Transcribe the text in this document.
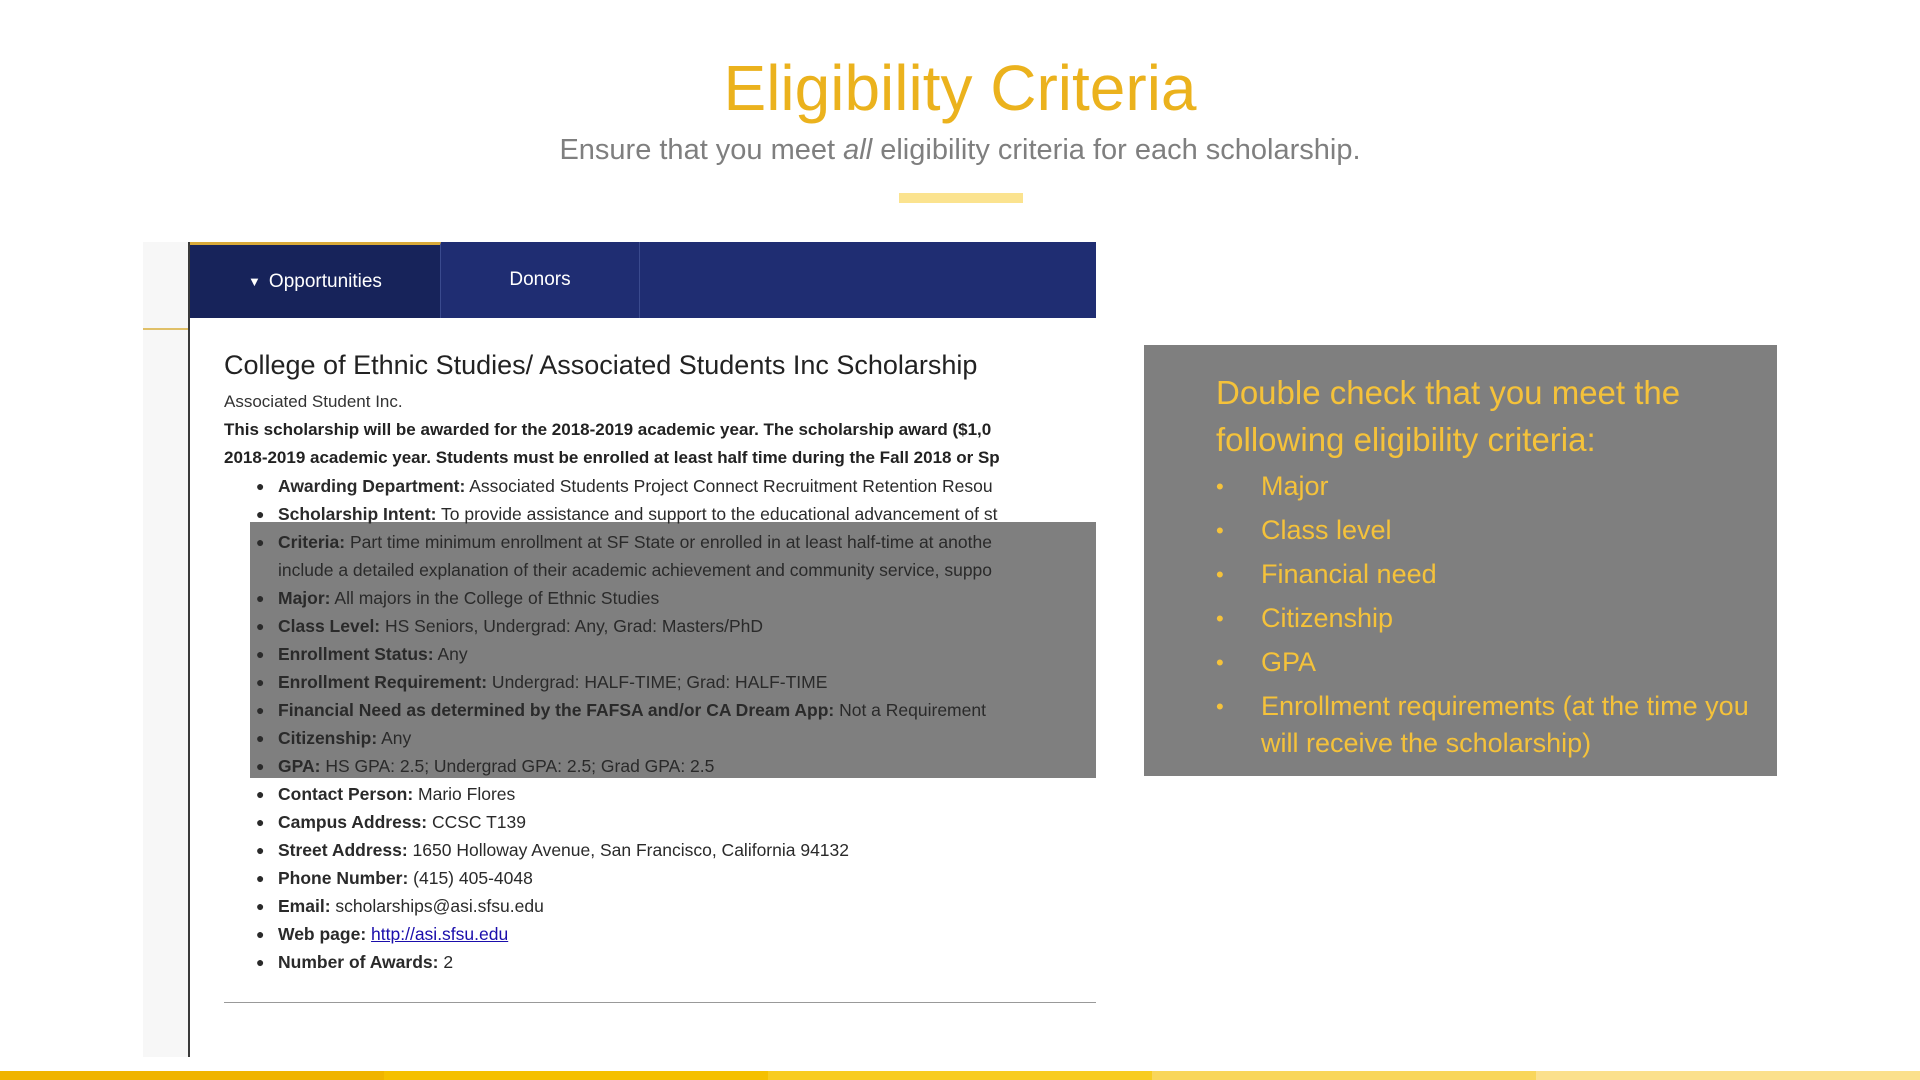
Eligibility Criteria
Ensure that you meet all eligibility criteria for each scholarship.
▼ Opportunities	Donors
College of Ethnic Studies/ Associated Students Inc Scholarship
Associated Student Inc.
This scholarship will be awarded for the 2018-2019 academic year. The scholarship award ($1,0
2018-2019 academic year. Students must be enrolled at least half time during the Fall 2018 or Sp
● Awarding Department: Associated Students Project Connect Recruitment Retention Resou
● Scholarship Intent: To provide assistance and support to the educational advancement of st
● Criteria: Part time minimum enrollment at SF State or enrolled in at least half-time at anothe
include a detailed explanation of their academic achievement and community service, suppo
● Major: All majors in the College of Ethnic Studies
● Class Level: HS Seniors, Undergrad: Any, Grad: Masters/PhD
● Enrollment Status: Any
● Enrollment Requirement: Undergrad: HALF-TIME; Grad: HALF-TIME
● Financial Need as determined by the FAFSA and/or CA Dream App: Not a Requirement
● Citizenship: Any
● GPA: HS GPA: 2.5; Undergrad GPA: 2.5; Grad GPA: 2.5
● Contact Person: Mario Flores
● Campus Address: CCSC T139
● Street Address: 1650 Holloway Avenue, San Francisco, California 94132
● Phone Number: (415) 405-4048
● Email: scholarships@asi.sfsu.edu
● Web page: http://asi.sfsu.edu
● Number of Awards: 2
Double check that you meet the following eligibility criteria:
• Major
• Class level
• Financial need
• Citizenship
• GPA
• Enrollment requirements (at the time you will receive the scholarship)
